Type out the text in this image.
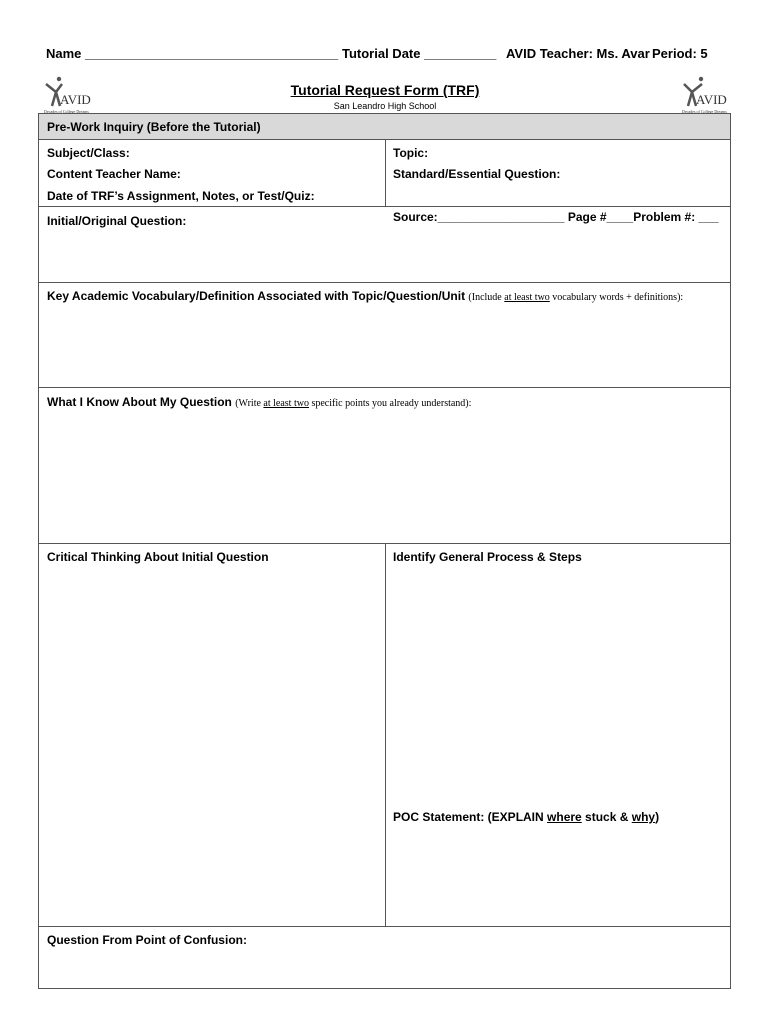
Name ___________________________________ Tutorial Date __________ AVID Teacher: Ms. Avar Period: 5
AVID
Decades of College Dreams
AVID
Decades of College Dreams
Tutorial Request Form (TRF)
San Leandro High School
Pre-Work Inquiry (Before the Tutorial)
Subject/Class:	Topic:
Content Teacher Name:	Standard/Essential Question:
Date of TRF’s Assignment, Notes, or Test/Quiz:
Initial/Original Question:	Source:___________________ Page #____Problem #: ___
Key Academic Vocabulary/Definition Associated with Topic/Question/Unit (Include at least two vocabulary words + definitions):
What I Know About My Question (Write at least two specific points you already understand):
Critical Thinking About Initial Question	Identify General Process & Steps
POC Statement: (EXPLAIN where stuck & why)
Question From Point of Confusion:
